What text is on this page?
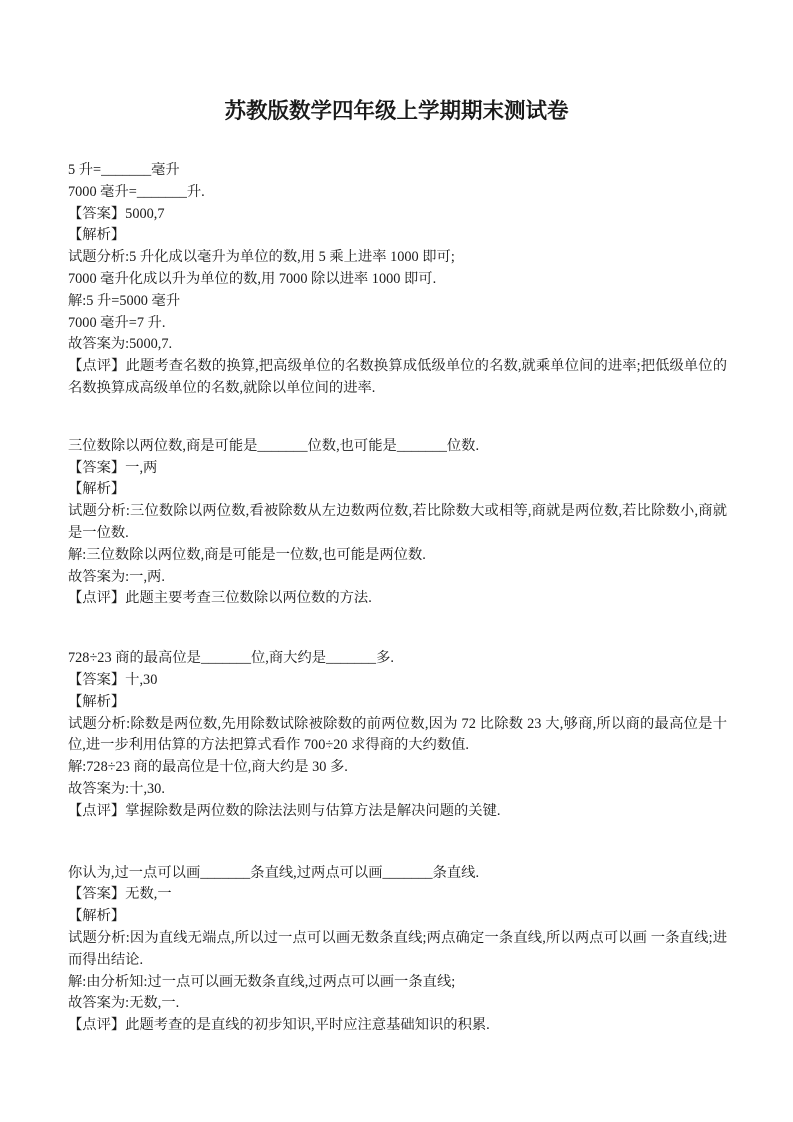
苏教版数学四年级上学期期末测试卷

5 升=_______毫升

7000 毫升=_______升.

【答案】5000,7

【解析】

试题分析:5 升化成以毫升为单位的数,用 5 乘上进率 1000 即可;

7000 毫升化成以升为单位的数,用 7000 除以进率 1000 即可.

解:5 升=5000 毫升

7000 毫升=7 升.

故答案为:5000,7.

【点评】此题考查名数的换算,把高级单位的名数换算成低级单位的名数,就乘单位间的进率;把低级单位的名数换算成高级单位的名数,就除以单位间的进率.

三位数除以两位数,商是可能是_______位数,也可能是_______位数.

【答案】一,两

【解析】

试题分析:三位数除以两位数,看被除数从左边数两位数,若比除数大或相等,商就是两位数,若比除数小,商就是一位数.

解:三位数除以两位数,商是可能是一位数,也可能是两位数.

故答案为:一,两.

【点评】此题主要考查三位数除以两位数的方法.

728÷23 商的最高位是_______位,商大约是_______多.

【答案】十,30

【解析】

试题分析:除数是两位数,先用除数试除被除数的前两位数,因为 72 比除数 23 大,够商,所以商的最高位是十位,进一步利用估算的方法把算式看作 700÷20 求得商的大约数值.

解:728÷23 商的最高位是十位,商大约是 30 多.

故答案为:十,30.

【点评】掌握除数是两位数的除法法则与估算方法是解决问题的关键.

你认为,过一点可以画_______条直线,过两点可以画_______条直线.

【答案】无数,一

【解析】

试题分析:因为直线无端点,所以过一点可以画无数条直线;两点确定一条直线,所以两点可以画 一条直线;进而得出结论.

解:由分析知:过一点可以画无数条直线,过两点可以画一条直线;

故答案为:无数,一.

【点评】此题考查的是直线的初步知识,平时应注意基础知识的积累.
